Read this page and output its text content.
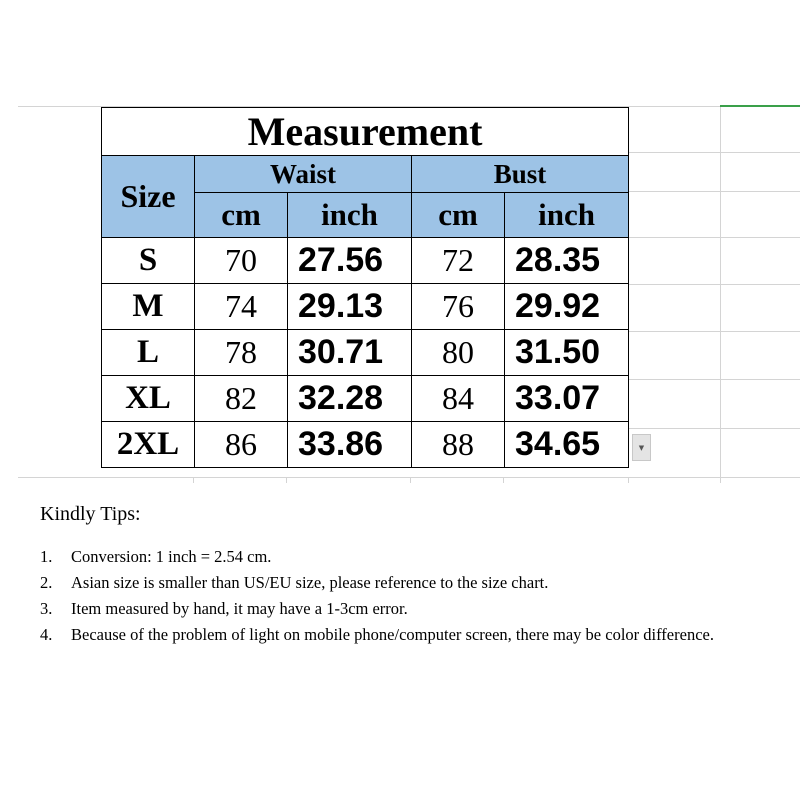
Measurement				
Size	Waist		Bust	
	cm	inch	cm	inch
S	70	27.56	72	28.35
M	74	29.13	76	29.92
L	78	30.71	80	31.50
XL	82	32.28	84	33.07
2XL	86	33.86	88	34.65	▼
Kindly Tips:
1. Conversion: 1 inch = 2.54 cm.
2. Asian size is smaller than US/EU size, please reference to the size chart.
3. Item measured by hand, it may have a 1-3cm error.
4. Because of the problem of light on mobile phone/computer screen, there may be color difference.
